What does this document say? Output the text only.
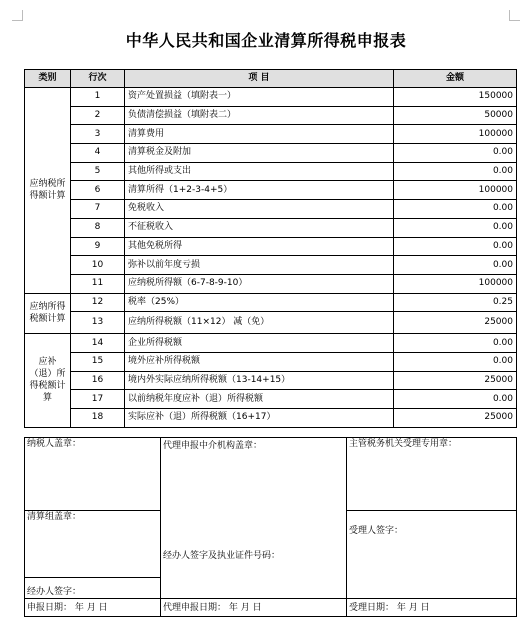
中华人民共和国企业清算所得税申报表
类别	行次	项 目	金额
应纳税所得额计算	1	资产处置损益（填附表一）	150000
	2	负债清偿损益（填附表二）	50000
	3	清算费用	100000
	4	清算税金及附加	0.00
	5	其他所得或支出	0.00
	6	清算所得（1+2-3-4+5）	100000
	7	免税收入	0.00
	8	不征税收入	0.00
	9	其他免税所得	0.00
	10	弥补以前年度亏损	0.00
	11	应纳税所得额（6-7-8-9-10）	100000
应纳所得税额计算	12	税率（25%）	0.25
	13	应纳所得税额（11×12） 减（免）	25000
应补（退）所得税额计算	14	企业所得税额	0.00
	15	境外应补所得税额	0.00
	16	境内外实际应纳所得税额（13-14+15）	25000
	17	以前纳税年度应补（退）所得税额	0.00
	18	实际应补（退）所得税额（16+17）	25000
纳税人盖章：	代理申报中介机构盖章：
经办人签字及执业证件号码：	主管税务机关受理专用章：
清算组盖章：		受理人签字：
经办人签字：		
申报日期： 年 月 日	代理申报日期： 年 月 日	受理日期： 年 月 日
